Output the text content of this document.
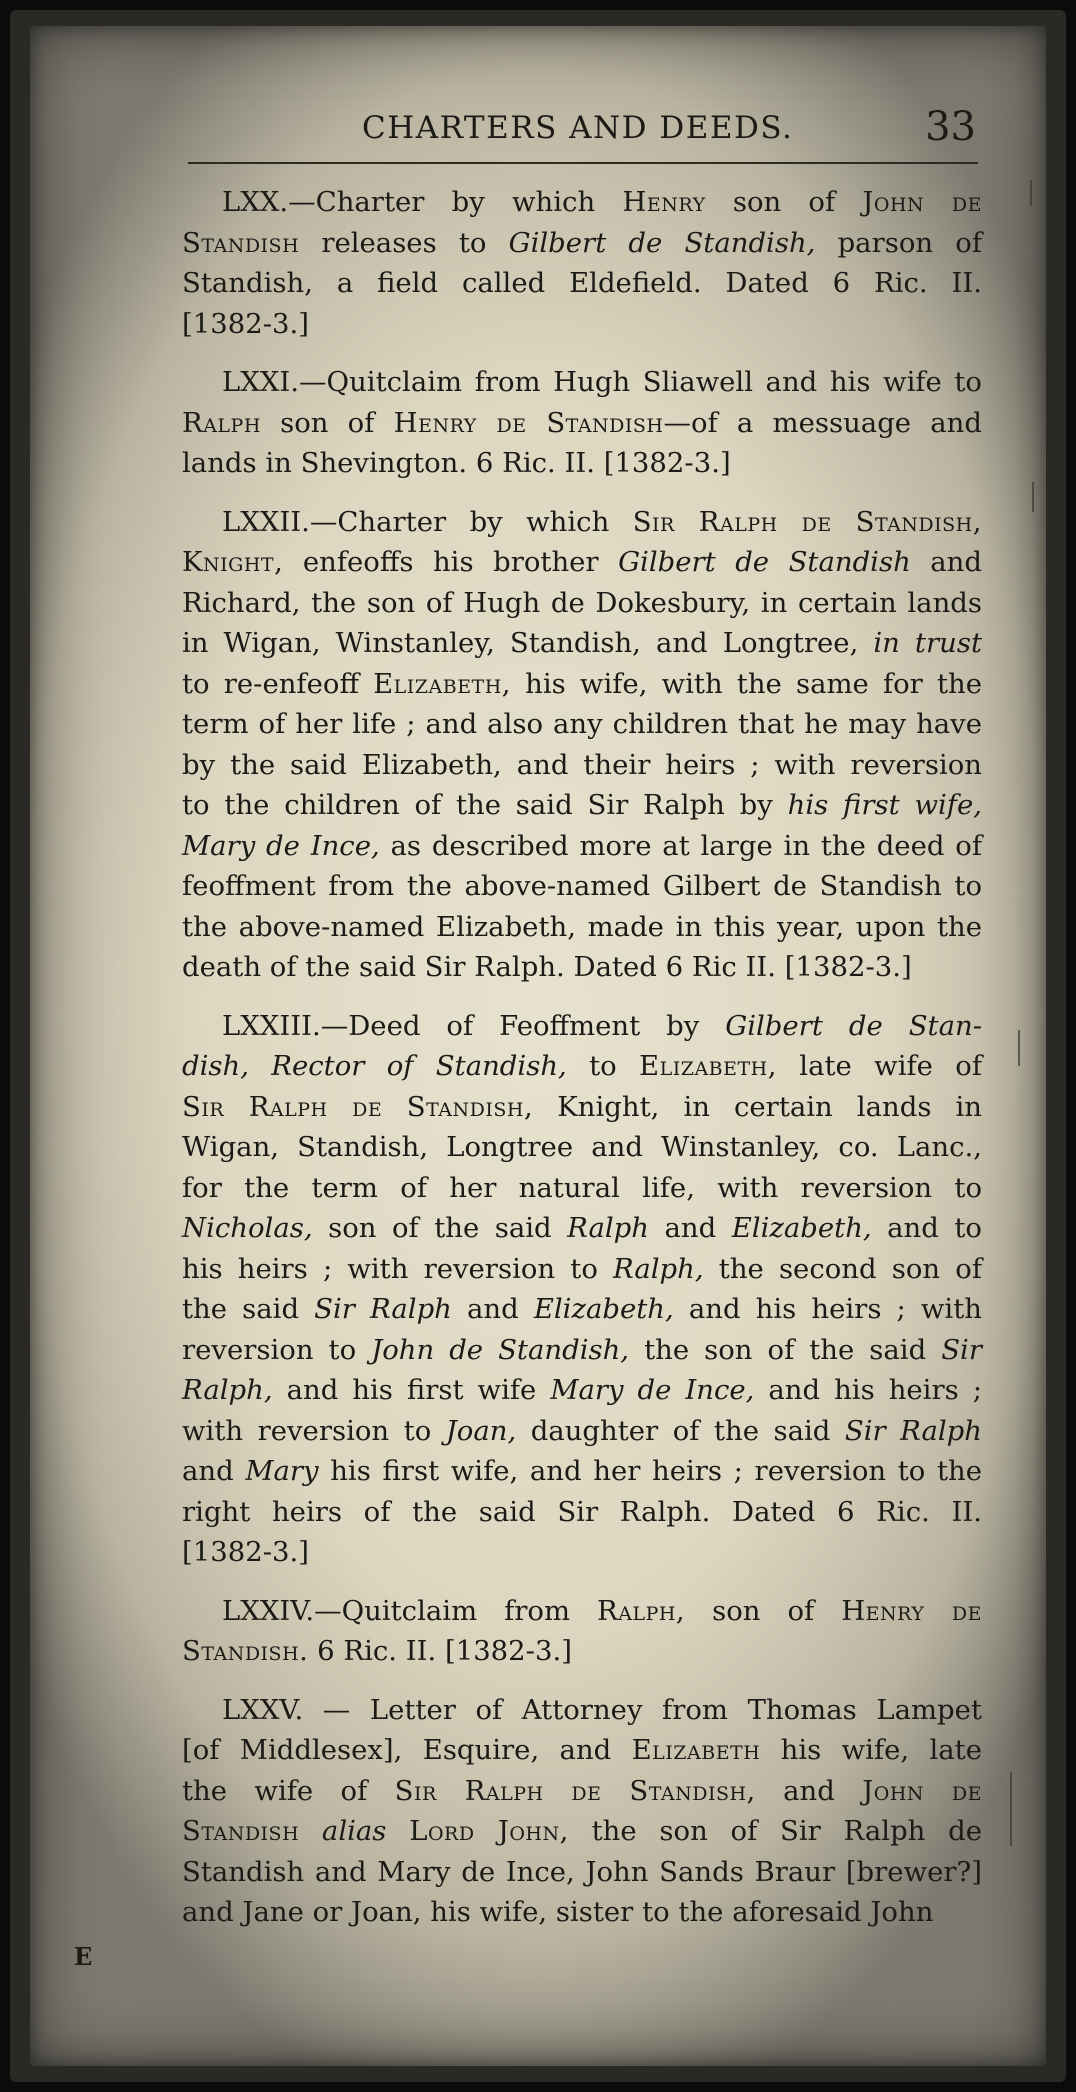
CHARTERS AND DEEDS.	33
LXX.—Charter by which Henry son of John de
Standish releases to Gilbert de Standish, parson of
Standish, a field called Eldefield. Dated 6 Ric. II.
[1382-3.]
LXXI.—Quitclaim from Hugh Sliawell and his wife to
Ralph son of Henry de Standish—of a messuage and
lands in Shevington. 6 Ric. II. [1382-3.]
LXXII.—Charter by which Sir Ralph de Standish,
Knight, enfeoffs his brother Gilbert de Standish and
Richard, the son of Hugh de Dokesbury, in certain lands
in Wigan, Winstanley, Standish, and Longtree, in trust
to re-enfeoff Elizabeth, his wife, with the same for the
term of her life ; and also any children that he may have
by the said Elizabeth, and their heirs ; with reversion
to the children of the said Sir Ralph by his first wife,
Mary de Ince, as described more at large in the deed of
feoffment from the above-named Gilbert de Standish to
the above-named Elizabeth, made in this year, upon the
death of the said Sir Ralph. Dated 6 Ric II. [1382-3.]
LXXIII.—Deed of Feoffment by Gilbert de Stan-
dish, Rector of Standish, to Elizabeth, late wife of
Sir Ralph de Standish, Knight, in certain lands in
Wigan, Standish, Longtree and Winstanley, co. Lanc.,
for the term of her natural life, with reversion to
Nicholas, son of the said Ralph and Elizabeth, and to
his heirs ; with reversion to Ralph, the second son of
the said Sir Ralph and Elizabeth, and his heirs ; with
reversion to John de Standish, the son of the said Sir
Ralph, and his first wife Mary de Ince, and his heirs ;
with reversion to Joan, daughter of the said Sir Ralph
and Mary his first wife, and her heirs ; reversion to the
right heirs of the said Sir Ralph. Dated 6 Ric. II.
[1382-3.]
LXXIV.—Quitclaim from Ralph, son of Henry de
Standish. 6 Ric. II. [1382-3.]
LXXV. — Letter of Attorney from Thomas Lampet
[of Middlesex], Esquire, and Elizabeth his wife, late
the wife of Sir Ralph de Standish, and John de
Standish alias Lord John, the son of Sir Ralph de
Standish and Mary de Ince, John Sands Braur [brewer?]
and Jane or Joan, his wife, sister to the aforesaid John
E
